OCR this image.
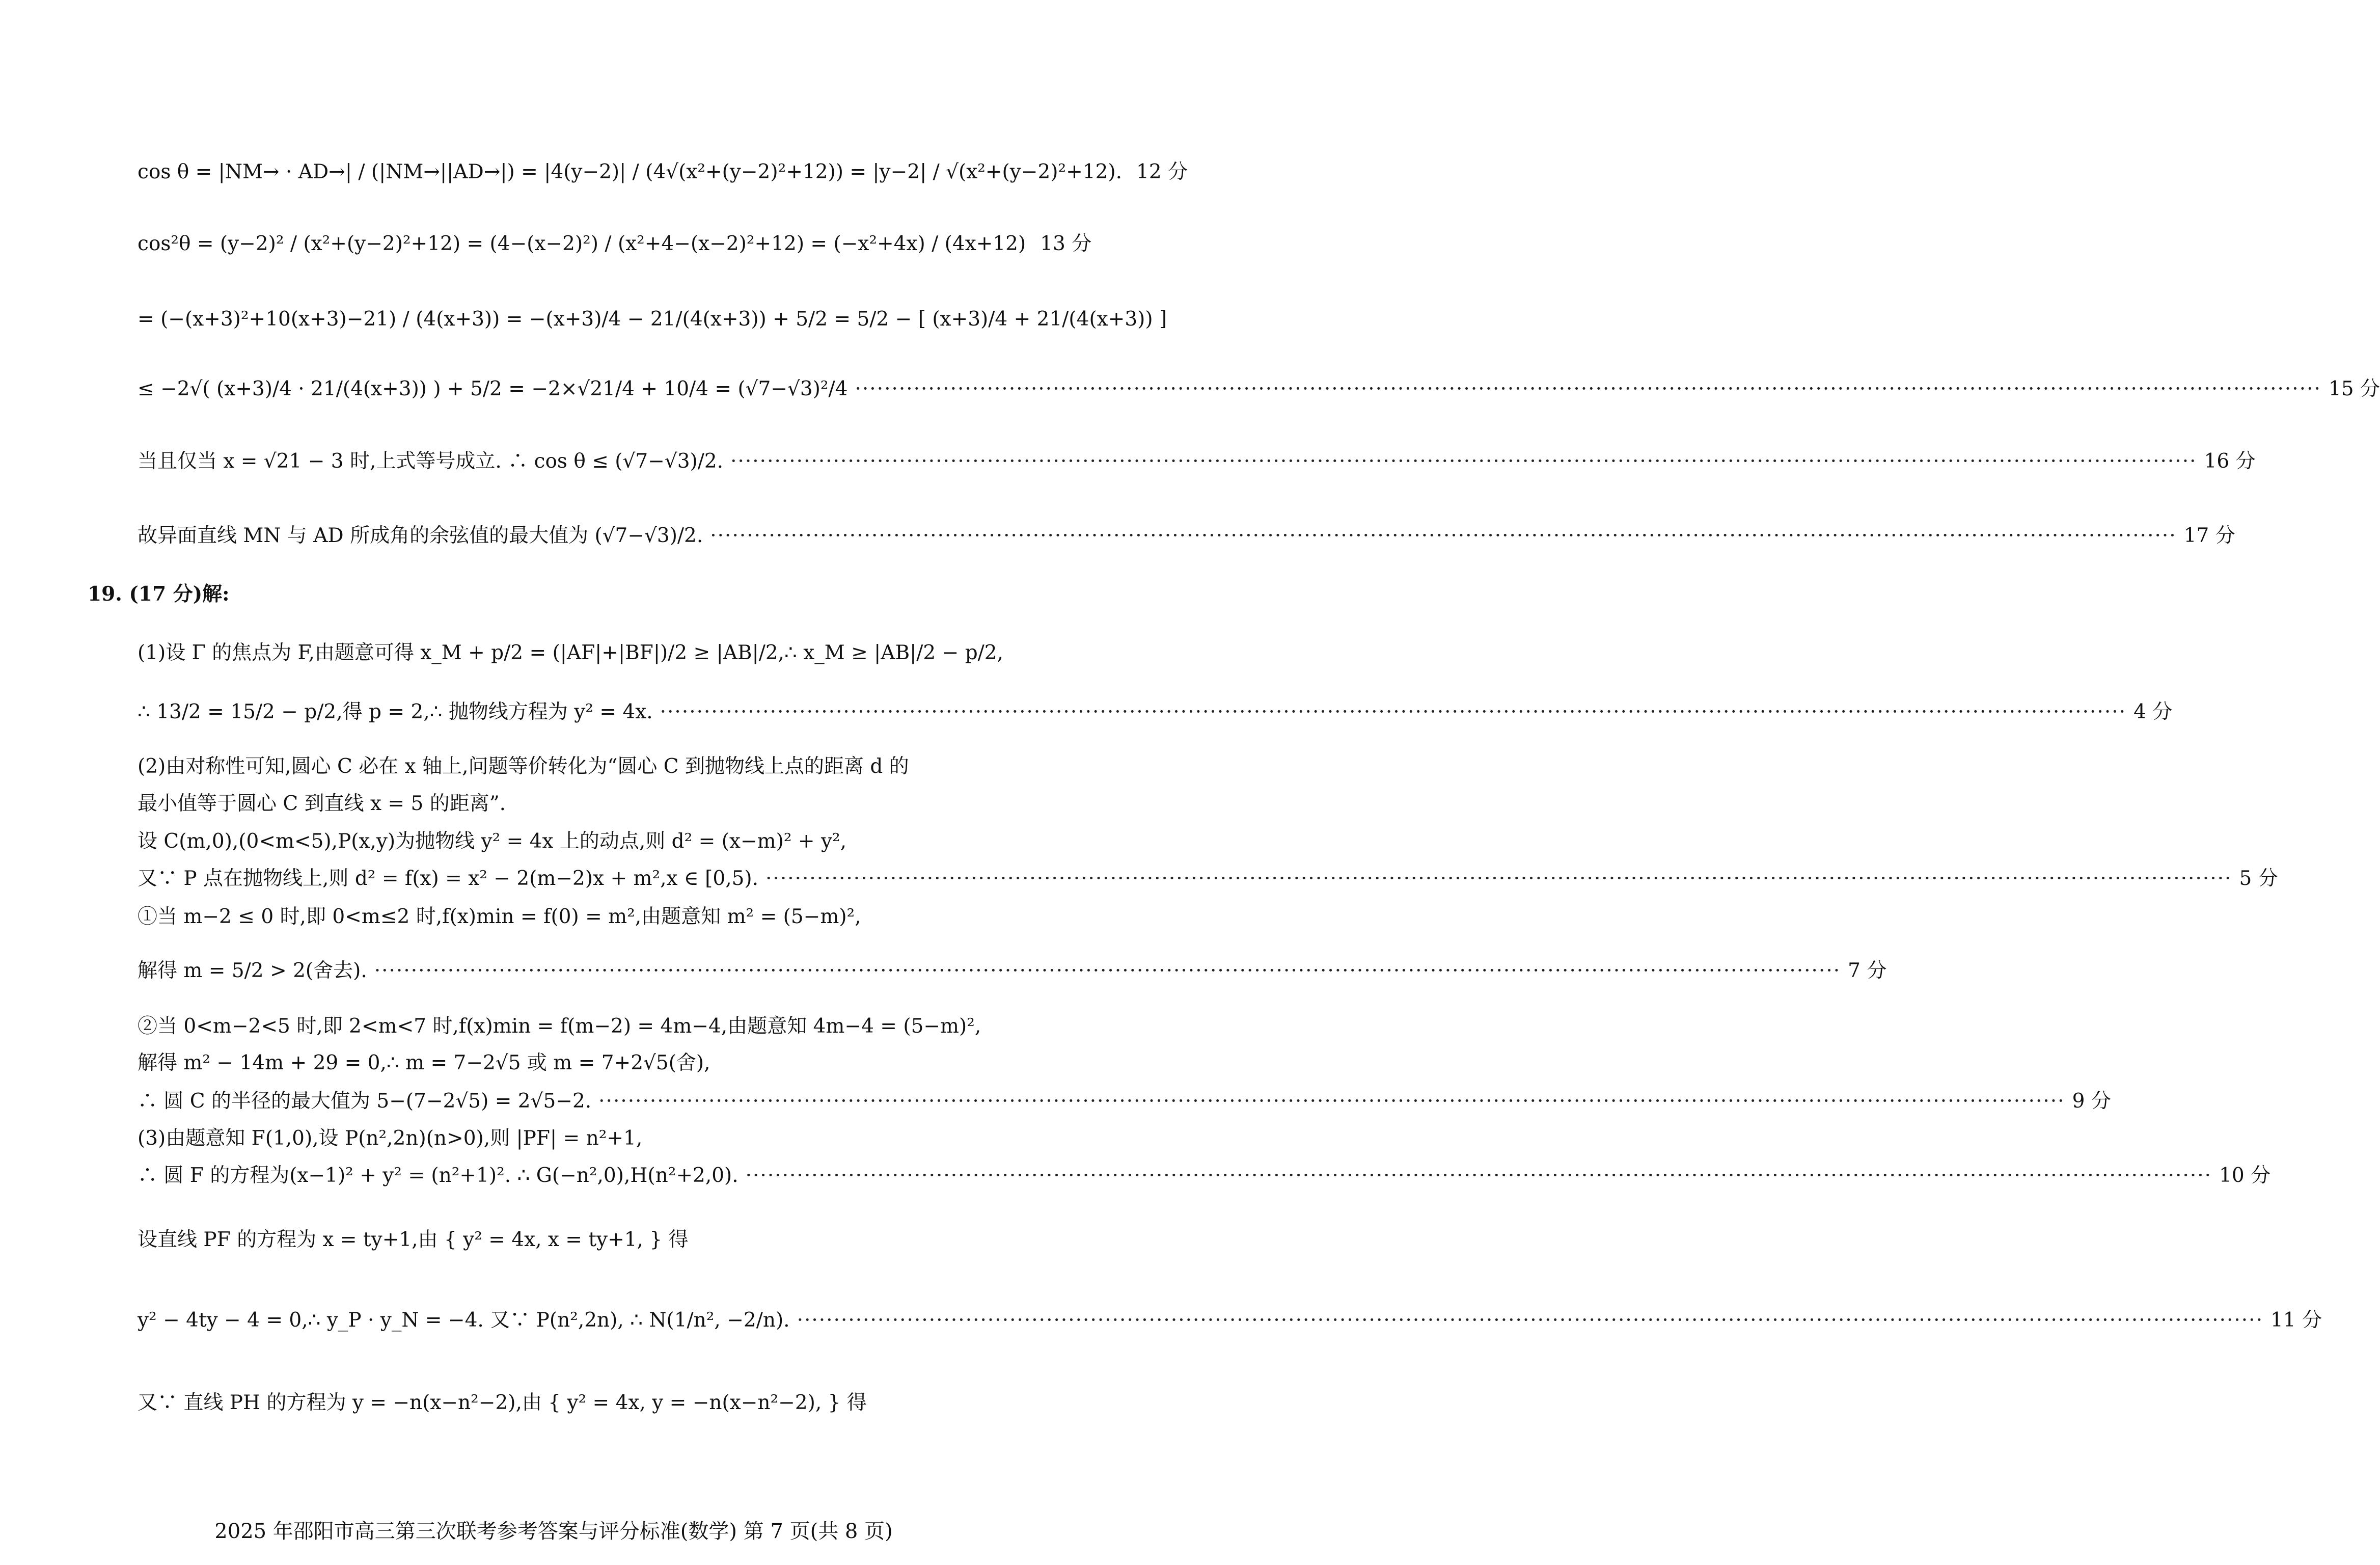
cos θ = |NM→ · AD→| / (|NM→||AD→|) = |4(y−2)| / (4√(x²+(y−2)²+12)) = |y−2| / √(x²+(y−2)²+12). 12 分
cos²θ = (y−2)² / (x²+(y−2)²+12) = (4−(x−2)²) / (x²+4−(x−2)²+12) = (−x²+4x) / (4x+12) 13 分
= (−(x+3)²+10(x+3)−21) / (4(x+3)) = −(x+3)/4 − 21/(4(x+3)) + 5/2 = 5/2 − [ (x+3)/4 + 21/(4(x+3)) ]
≤ −2√( (x+3)/4 · 21/(4(x+3)) ) + 5/2 = −2×√21/4 + 10/4 = (√7−√3)²/4 ········································································································································································································ 15 分
当且仅当 x = √21 − 3 时,上式等号成立. ∴ cos θ ≤ (√7−√3)/2. ········································································································································································································ 16 分
故异面直线 MN 与 AD 所成角的余弦值的最大值为 (√7−√3)/2. ········································································································································································································ 17 分
19. (17 分)解:
(1)设 Γ 的焦点为 F,由题意可得 x_M + p/2 = (|AF|+|BF|)/2 ≥ |AB|/2,∴ x_M ≥ |AB|/2 − p/2,
∴ 13/2 = 15/2 − p/2,得 p = 2,∴ 抛物线方程为 y² = 4x. ········································································································································································································ 4 分
(2)由对称性可知,圆心 C 必在 x 轴上,问题等价转化为“圆心 C 到抛物线上点的距离 d 的
最小值等于圆心 C 到直线 x = 5 的距离”.
设 C(m,0),(0<m<5),P(x,y)为抛物线 y² = 4x 上的动点,则 d² = (x−m)² + y²,
又∵ P 点在抛物线上,则 d² = f(x) = x² − 2(m−2)x + m²,x ∈ [0,5). ········································································································································································································ 5 分
①当 m−2 ≤ 0 时,即 0<m≤2 时,f(x)min = f(0) = m²,由题意知 m² = (5−m)²,
解得 m = 5/2 > 2(舍去). ········································································································································································································ 7 分
②当 0<m−2<5 时,即 2<m<7 时,f(x)min = f(m−2) = 4m−4,由题意知 4m−4 = (5−m)²,
解得 m² − 14m + 29 = 0,∴ m = 7−2√5 或 m = 7+2√5(舍),
∴ 圆 C 的半径的最大值为 5−(7−2√5) = 2√5−2. ········································································································································································································ 9 分
(3)由题意知 F(1,0),设 P(n²,2n)(n>0),则 |PF| = n²+1,
∴ 圆 F 的方程为(x−1)² + y² = (n²+1)². ∴ G(−n²,0),H(n²+2,0). ········································································································································································································ 10 分
设直线 PF 的方程为 x = ty+1,由 { y² = 4x, x = ty+1, } 得
y² − 4ty − 4 = 0,∴ y_P · y_N = −4. 又∵ P(n²,2n), ∴ N(1/n², −2/n). ········································································································································································································ 11 分
又∵ 直线 PH 的方程为 y = −n(x−n²−2),由 { y² = 4x, y = −n(x−n²−2), } 得
2025 年邵阳市高三第三次联考参考答案与评分标准(数学) 第 7 页(共 8 页)
